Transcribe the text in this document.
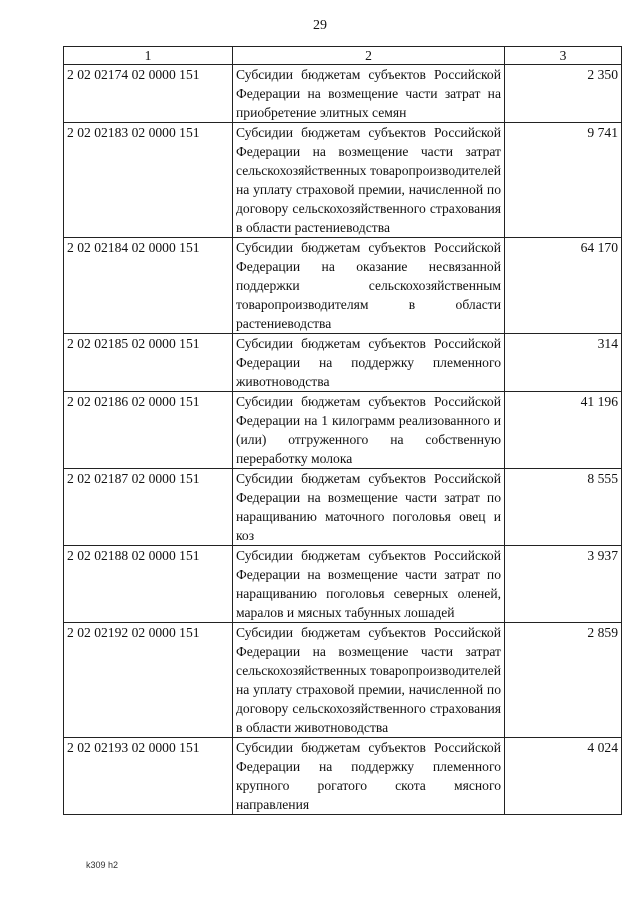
29
1	2	3
2 02 02174 02 0000 151	Субсидии бюджетам субъектов Российской Федерации на возмещение части затрат на приобретение элитных семян	2 350
2 02 02183 02 0000 151	Субсидии бюджетам субъектов Российской Федерации на возмещение части затрат сельскохозяйственных товаропроизводителей на уплату страховой премии, начисленной по договору сельскохозяйственного страхования в области растениеводства	9 741
2 02 02184 02 0000 151	Субсидии бюджетам субъектов Российской Федерации на оказание несвязанной поддержки сельскохозяйственным товаропроизводителям в области растениеводства	64 170
2 02 02185 02 0000 151	Субсидии бюджетам субъектов Российской Федерации на поддержку племенного животноводства	314
2 02 02186 02 0000 151	Субсидии бюджетам субъектов Российской Федерации на 1 килограмм реализованного и (или) отгруженного на собственную переработку молока	41 196
2 02 02187 02 0000 151	Субсидии бюджетам субъектов Российской Федерации на возмещение части затрат по наращиванию маточного поголовья овец и коз	8 555
2 02 02188 02 0000 151	Субсидии бюджетам субъектов Российской Федерации на возмещение части затрат по наращиванию поголовья северных оленей, маралов и мясных табунных лошадей	3 937
2 02 02192 02 0000 151	Субсидии бюджетам субъектов Российской Федерации на возмещение части затрат сельскохозяйственных товаропроизводителей на уплату страховой премии, начисленной по договору сельскохозяйственного страхования в области животноводства	2 859
2 02 02193 02 0000 151	Субсидии бюджетам субъектов Российской Федерации на поддержку племенного крупного рогатого скота мясного направления	4 024
k309 h2
